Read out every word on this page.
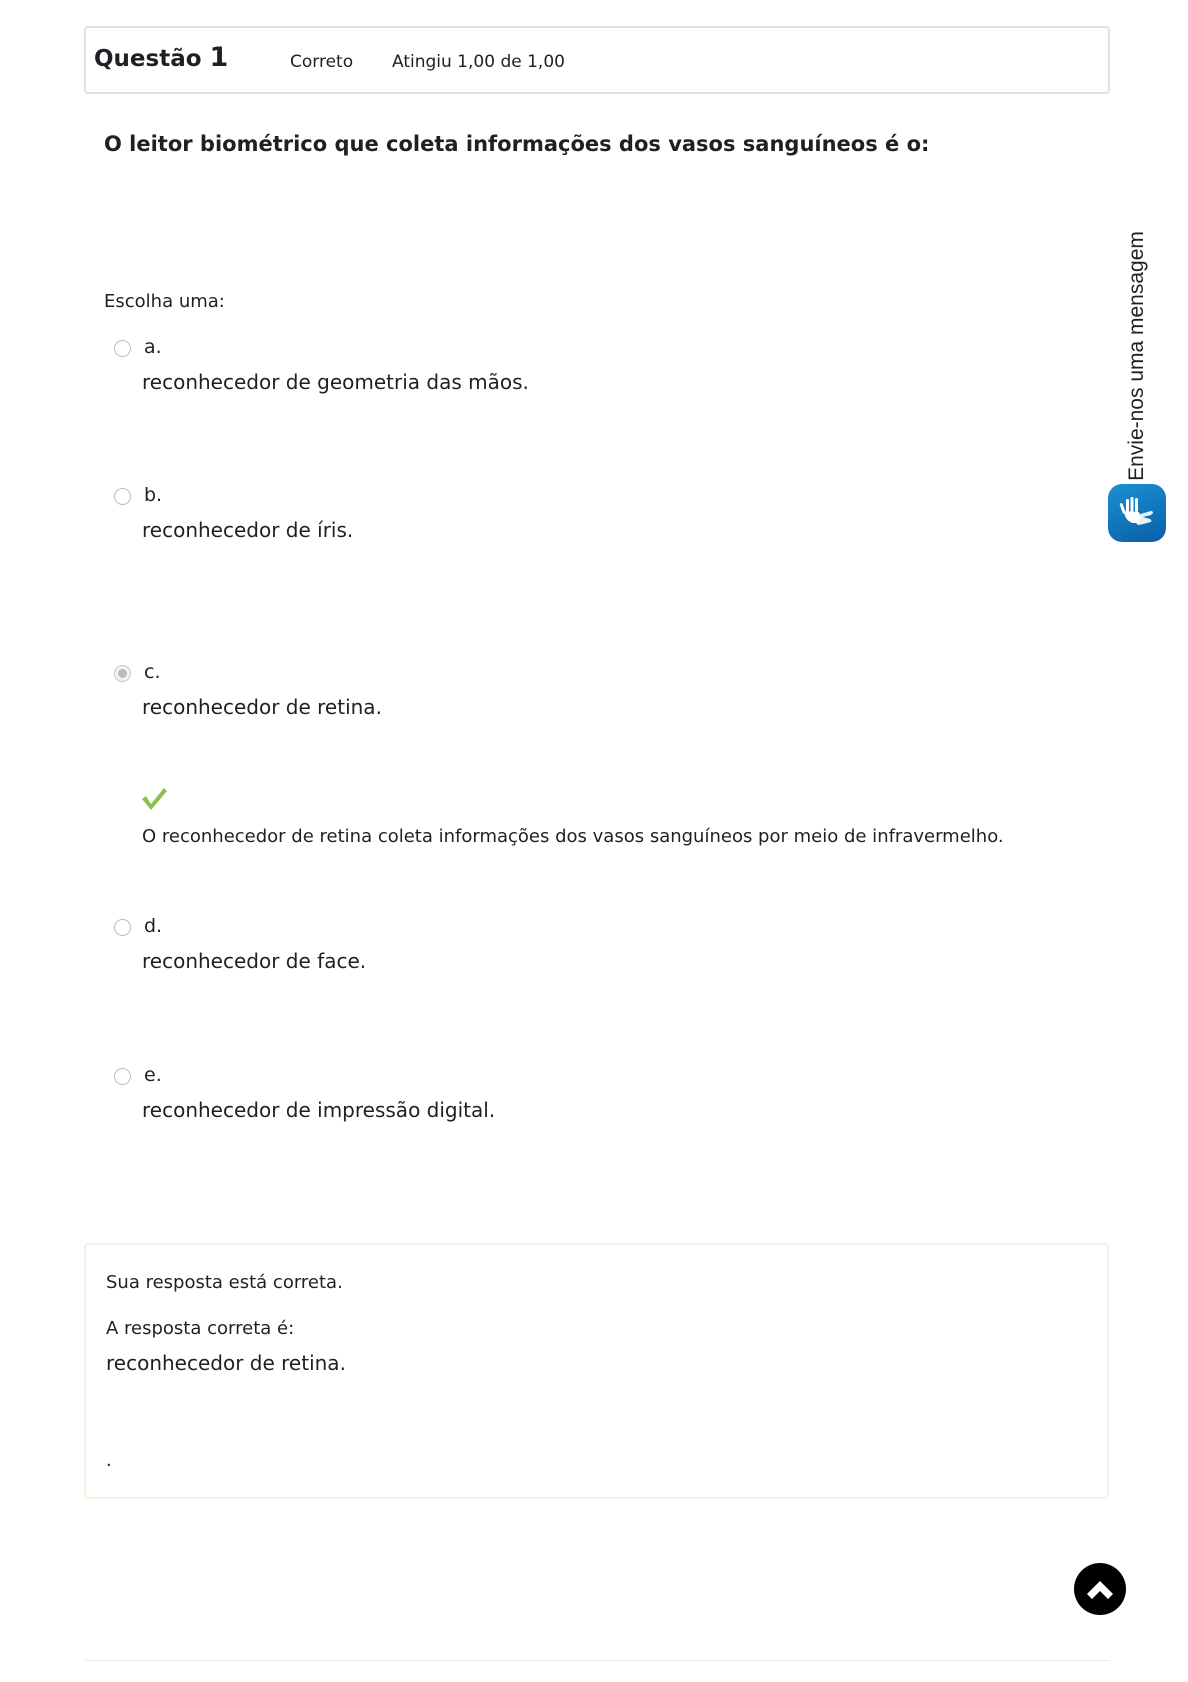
Questão 1	Correto Atingiu 1,00 de 1,00
O leitor biométrico que coleta informações dos vasos sanguíneos é o:
Escolha uma:
a.
reconhecedor de geometria das mãos.
b.
reconhecedor de íris.
c.
reconhecedor de retina.
O reconhecedor de retina coleta informações dos vasos sanguíneos por meio de infravermelho.
d.
reconhecedor de face.
e.
reconhecedor de impressão digital.
Sua resposta está correta.
A resposta correta é:
reconhecedor de retina.
.
Envie-nos uma mensagem
